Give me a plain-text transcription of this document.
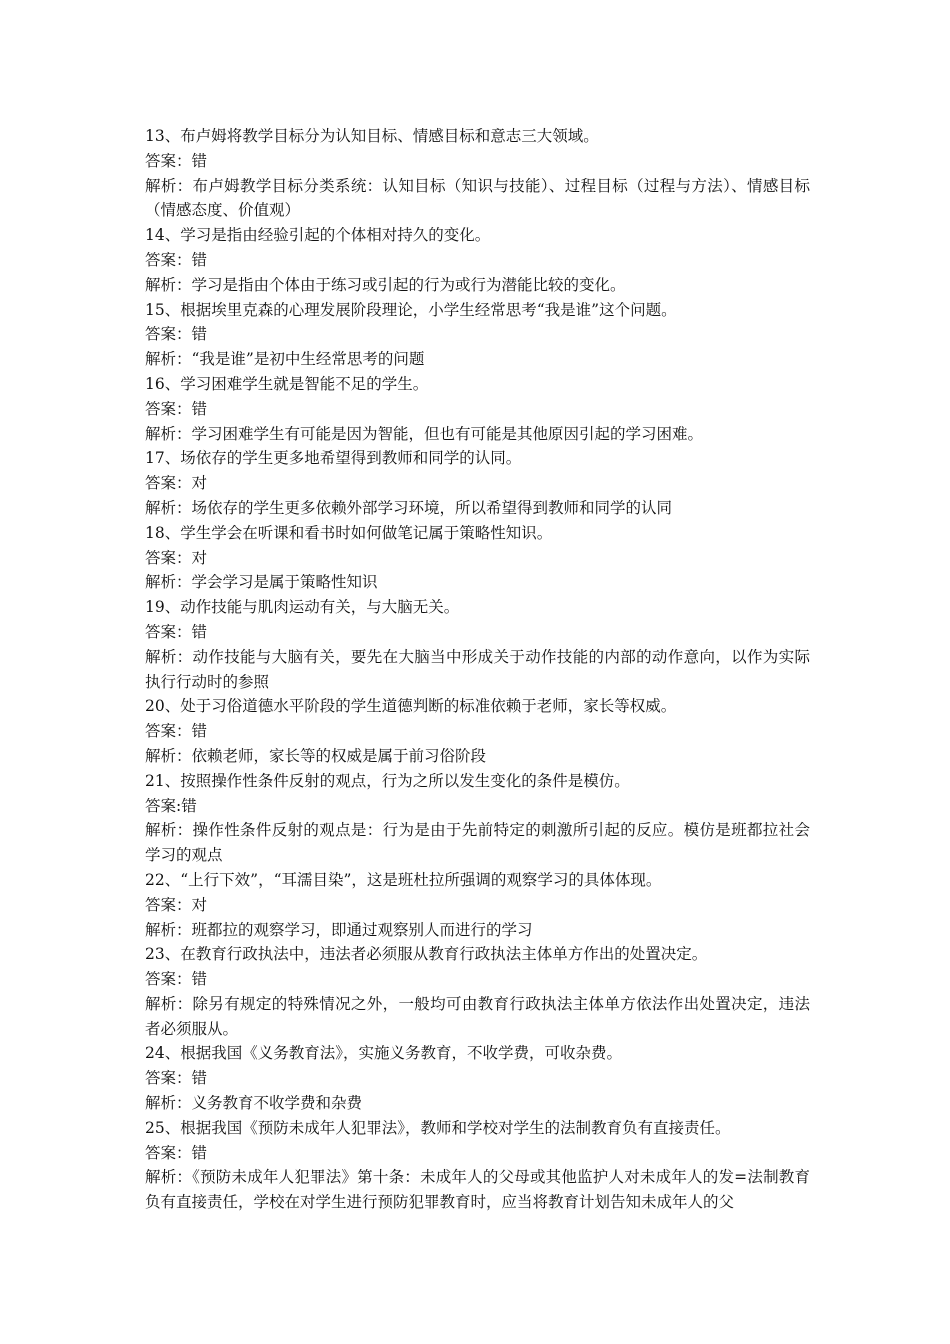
13、布卢姆将教学目标分为认知目标、情感目标和意志三大领域。

答案：错

解析：布卢姆教学目标分类系统：认知目标（知识与技能）、过程目标（过程与方法）、情感目标（情感态度、价值观）

14、学习是指由经验引起的个体相对持久的变化。

答案：错

解析：学习是指由个体由于练习或引起的行为或行为潜能比较的变化。

15、根据埃里克森的心理发展阶段理论，小学生经常思考“我是谁”这个问题。

答案：错

解析：“我是谁”是初中生经常思考的问题

16、学习困难学生就是智能不足的学生。

答案：错

解析：学习困难学生有可能是因为智能，但也有可能是其他原因引起的学习困难。

17、场依存的学生更多地希望得到教师和同学的认同。

答案：对

解析：场依存的学生更多依赖外部学习环境，所以希望得到教师和同学的认同

18、学生学会在听课和看书时如何做笔记属于策略性知识。

答案：对

解析：学会学习是属于策略性知识

19、动作技能与肌肉运动有关，与大脑无关。

答案：错

解析：动作技能与大脑有关，要先在大脑当中形成关于动作技能的内部的动作意向，以作为实际执行行动时的参照

20、处于习俗道德水平阶段的学生道德判断的标准依赖于老师，家长等权威。

答案：错

解析：依赖老师，家长等的权威是属于前习俗阶段

21、按照操作性条件反射的观点，行为之所以发生变化的条件是模仿。

答案:错

解析：操作性条件反射的观点是：行为是由于先前特定的刺激所引起的反应。模仿是班都拉社会学习的观点

22、“上行下效”，“耳濡目染”，这是班杜拉所强调的观察学习的具体体现。

答案：对

解析：班都拉的观察学习，即通过观察别人而进行的学习

23、在教育行政执法中，违法者必须服从教育行政执法主体单方作出的处置决定。

答案：错

解析：除另有规定的特殊情况之外，一般均可由教育行政执法主体单方依法作出处置决定，违法者必须服从。

24、根据我国《义务教育法》，实施义务教育，不收学费，可收杂费。

答案：错

解析：义务教育不收学费和杂费

25、根据我国《预防未成年人犯罪法》，教师和学校对学生的法制教育负有直接责任。

答案：错

解析：《预防未成年人犯罪法》第十条：未成年人的父母或其他监护人对未成年人的发=法制教育负有直接责任，学校在对学生进行预防犯罪教育时，应当将教育计划告知未成年人的父
